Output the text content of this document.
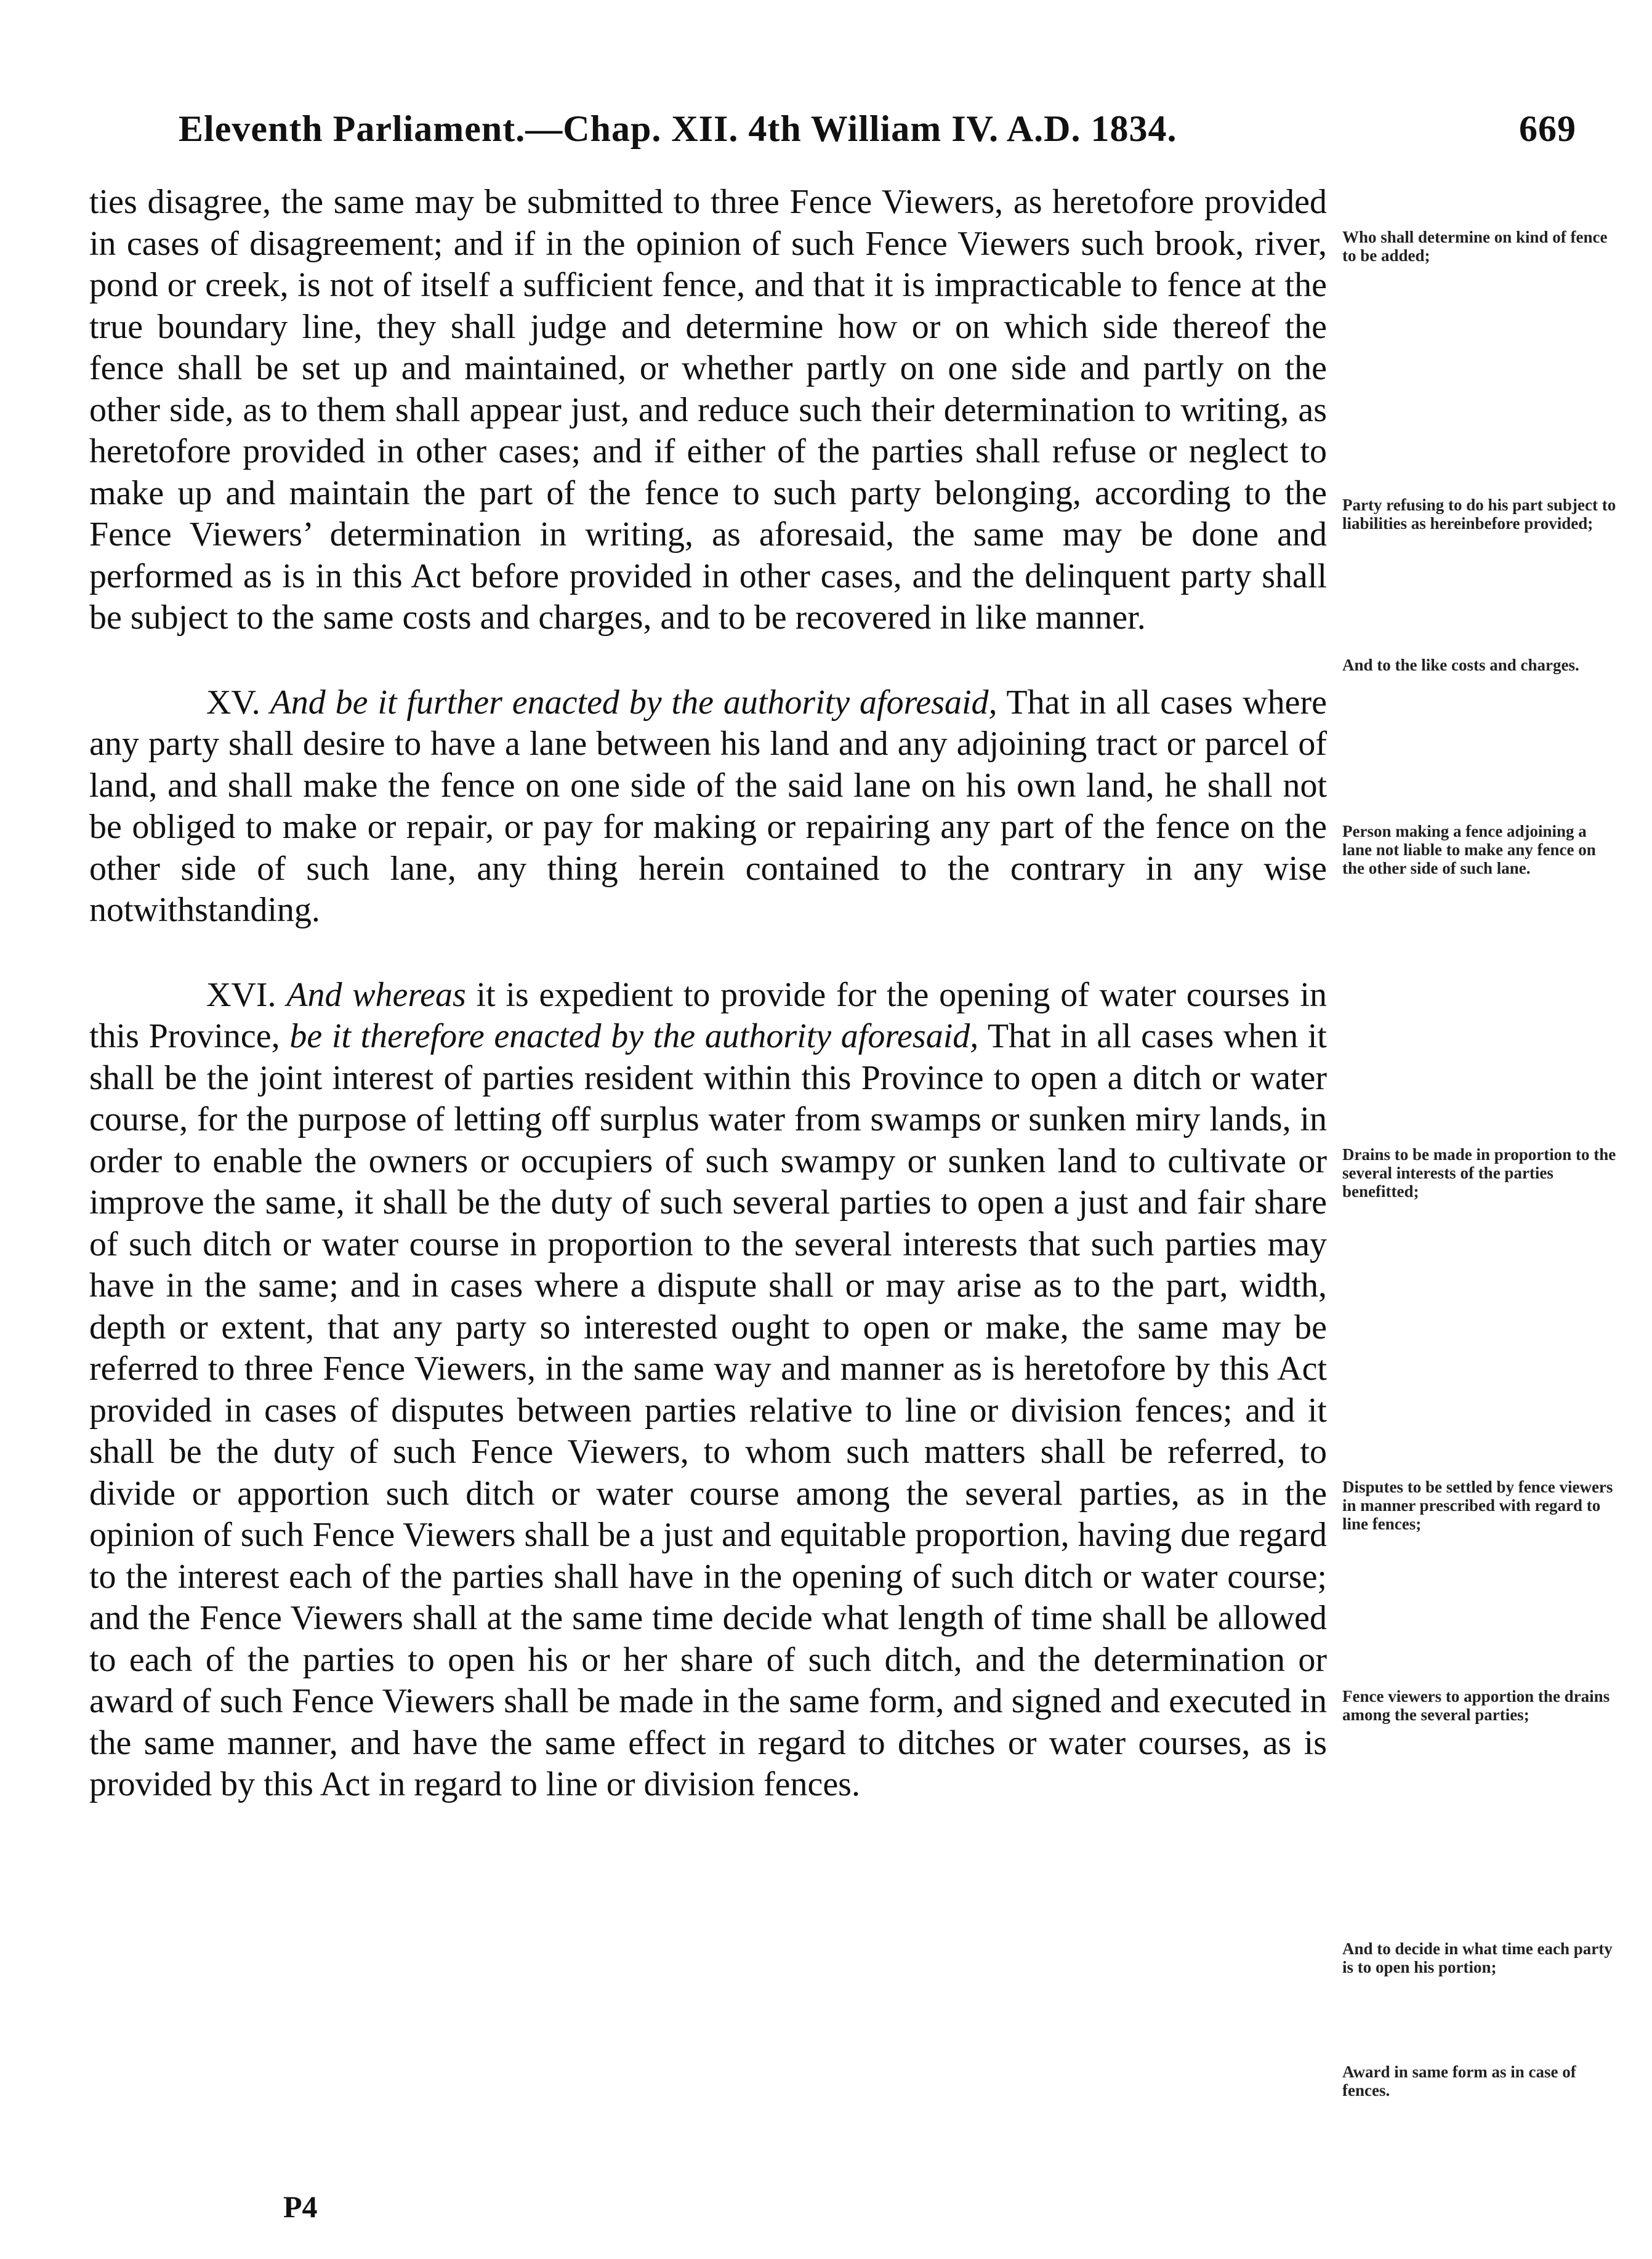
Eleventh Parliament.—Chap. XII. 4th William IV. A.D. 1834.	669

ties disagree, the same may be submitted to three Fence Viewers, as heretofore provided in cases of disagreement; and if in the opinion of such Fence Viewers such brook, river, pond or creek, is not of itself a sufficient fence, and that it is impracticable to fence at the true boundary line, they shall judge and determine how or on which side thereof the fence shall be set up and maintained, or whether partly on one side and partly on the other side, as to them shall appear just, and reduce such their determination to writing, as heretofore provided in other cases; and if either of the parties shall refuse or neglect to make up and maintain the part of the fence to such party belonging, according to the Fence Viewers’ determination in writing, as aforesaid, the same may be done and performed as is in this Act before provided in other cases, and the delinquent party shall be subject to the same costs and charges, and to be recovered in like manner.

XV. And be it further enacted by the authority aforesaid, That in all cases where any party shall desire to have a lane between his land and any adjoining tract or parcel of land, and shall make the fence on one side of the said lane on his own land, he shall not be obliged to make or repair, or pay for making or repairing any part of the fence on the other side of such lane, any thing herein contained to the contrary in any wise notwithstanding.

XVI. And whereas it is expedient to provide for the opening of water courses in this Province, be it therefore enacted by the authority aforesaid, That in all cases when it shall be the joint interest of parties resident within this Province to open a ditch or water course, for the purpose of letting off surplus water from swamps or sunken miry lands, in order to enable the owners or occupiers of such swampy or sunken land to cultivate or improve the same, it shall be the duty of such several parties to open a just and fair share of such ditch or water course in proportion to the several interests that such parties may have in the same; and in cases where a dispute shall or may arise as to the part, width, depth or extent, that any party so interested ought to open or make, the same may be referred to three Fence Viewers, in the same way and manner as is heretofore by this Act provided in cases of disputes between parties relative to line or division fences; and it shall be the duty of such Fence Viewers, to whom such matters shall be referred, to divide or apportion such ditch or water course among the several parties, as in the opinion of such Fence Viewers shall be a just and equitable proportion, having due regard to the interest each of the parties shall have in the opening of such ditch or water course; and the Fence Viewers shall at the same time decide what length of time shall be allowed to each of the parties to open his or her share of such ditch, and the determination or award of such Fence Viewers shall be made in the same form, and signed and executed in the same manner, and have the same effect in regard to ditches or water courses, as is provided by this Act in regard to line or division fences.

Who shall determine on kind of fence to be added;
Party refusing to do his part subject to liabilities as hereinbefore provided;
And to the like costs and charges.
Person making a fence adjoining a lane not liable to make any fence on the other side of such lane.
Drains to be made in proportion to the several interests of the parties benefitted;
Disputes to be settled by fence viewers in manner prescribed with regard to line fences;
Fence viewers to apportion the drains among the several parties;
And to decide in what time each party is to open his portion;
Award in same form as in case of fences.
P4
